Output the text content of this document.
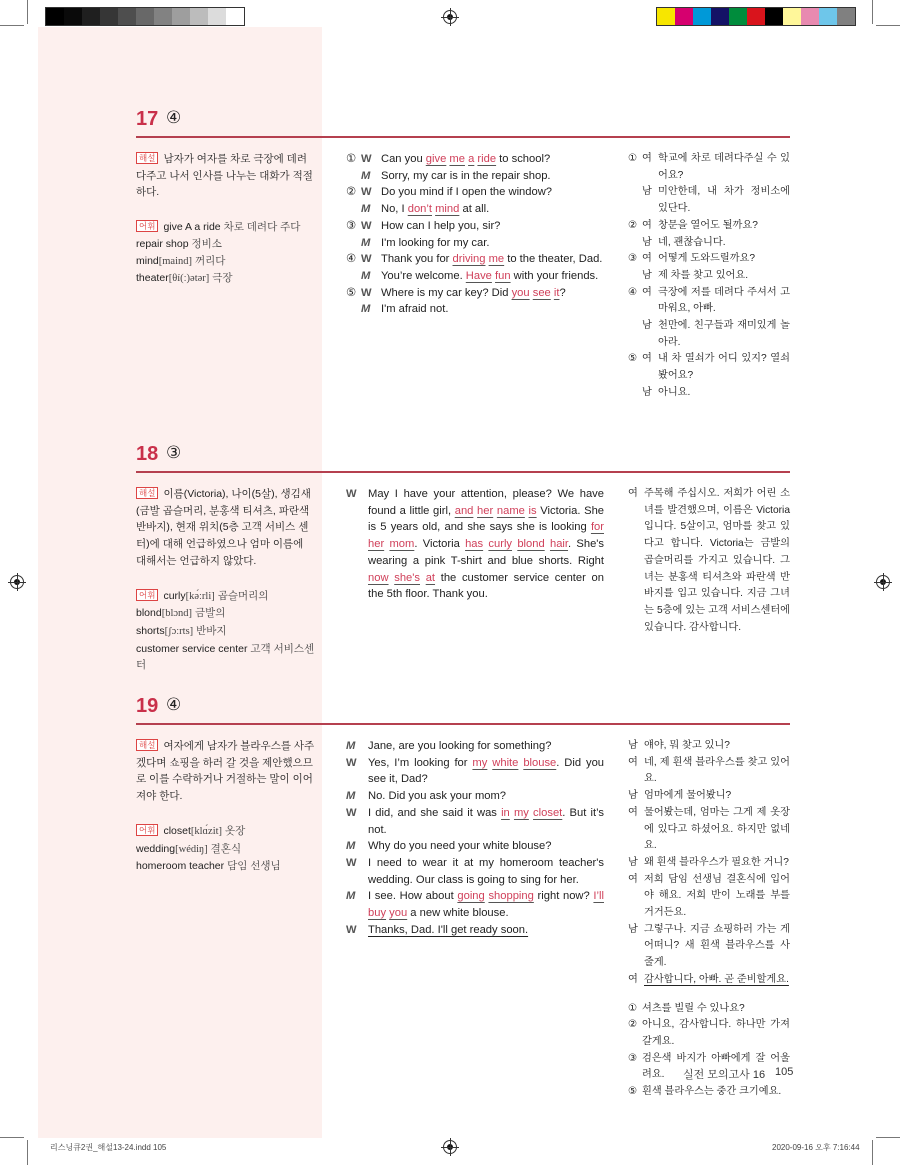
17 ④
해설 남자가 여자를 차로 극장에 데려다주고 나서 인사를 나누는 대화가 적절하다.
어휘 give A a ride 차로 데려다 주다
repair shop 정비소
mind[maind] 꺼리다
theater[θí(ː)ətər] 극장
① W Can you give me a ride to school?
M Sorry, my car is in the repair shop.
② W Do you mind if I open the window?
M No, I don’t mind at all.
③ W How can I help you, sir?
M I'm looking for my car.
④ W Thank you for driving me to the theater, Dad.
M You’re welcome. Have fun with your friends.
⑤ W Where is my car key? Did you see it?
M I'm afraid not.
① 여 학교에 차로 데려다주실 수 있어요?
남 미안한데, 내 차가 정비소에 있단다.
② 여 창문을 열어도 될까요?
남 네, 괜찮습니다.
③ 여 어떻게 도와드릴까요?
남 제 차를 찾고 있어요.
④ 여 극장에 저를 데려다 주셔서 고마워요, 아빠.
남 천만에. 친구들과 재미있게 놀아라.
⑤ 여 내 차 열쇠가 어디 있지? 열쇠 봤어요?
남 아니요.
18 ③
해설 이름(Victoria), 나이(5살), 생김새(금발 곱슬머리, 분홍색 티셔츠, 파란색 반바지), 현재 위치(5층 고객 서비스 센터)에 대해 언급하였으나 엄마 이름에 대해서는 언급하지 않았다.
어휘 curly[kə́ːrli] 곱슬머리의
blond[blɔnd] 금발의
shorts[ʃɔːrts] 반바지
customer service center 고객 서비스센터
W	May I have your attention, please? We have found a little girl, and her name is Victoria. She is 5 years old, and she says she is looking for her mom. Victoria has curly blond hair. She's wearing a pink T-shirt and blue shorts. Right now she's at the customer service center on the 5th floor. Thank you.
여 주목해 주십시오. 저희가 어린 소녀를 발견했으며, 이름은 Victoria입니다. 5살이고, 엄마를 찾고 있다고 합니다. Victoria는 금발의 곱슬머리를 가지고 있습니다. 그녀는 분홍색 티셔츠와 파란색 반바지를 입고 있습니다. 지금 그녀는 5층에 있는 고객 서비스센터에 있습니다. 감사합니다.
19 ④
해설 여자에게 남자가 블라우스를 사주겠다며 쇼핑을 하러 갈 것을 제안했으므로 이를 수락하거나 거절하는 말이 이어져야 한다.
어휘 closet[klɑ́zit] 옷장
wedding[wédiŋ] 결혼식
homeroom teacher 담임 선생님
M	Jane, are you looking for something?
W	Yes, I’m looking for my white blouse. Did you see it, Dad?
M	No. Did you ask your mom?
W	I did, and she said it was in my closet. But it’s not.
M	Why do you need your white blouse?
W	I need to wear it at my homeroom teacher's wedding. Our class is going to sing for her.
M	I see. How about going shopping right now? I’ll buy you a new white blouse.
W	Thanks, Dad. I'll get ready soon.
남 얘야, 뭐 찾고 있니?
여 네, 제 흰색 블라우스를 찾고 있어요.
남 엄마에게 물어봤니?
여 물어봤는데, 엄마는 그게 제 옷장에 있다고 하셨어요. 하지만 없네요.
남 왜 흰색 블라우스가 필요한 거니?
여 저희 담임 선생님 결혼식에 입어야 해요. 저희 반이 노래를 부를 거거든요.
남 그렇구나. 지금 쇼핑하러 가는 게 어떠니? 새 흰색 블라우스를 사 줄게.
여 감사합니다, 아빠. 곧 준비할게요.
① 셔츠를 빌릴 수 있나요?
② 아니요, 감사합니다. 하나만 가져갈게요.
③ 검은색 바지가 아빠에게 잘 어울려요.
⑤ 흰색 블라우스는 중간 크기예요.
실전 모의고사 16 105
리스닝큐2권_해설13-24.indd 105	2020-09-16 오후 7:16:44
